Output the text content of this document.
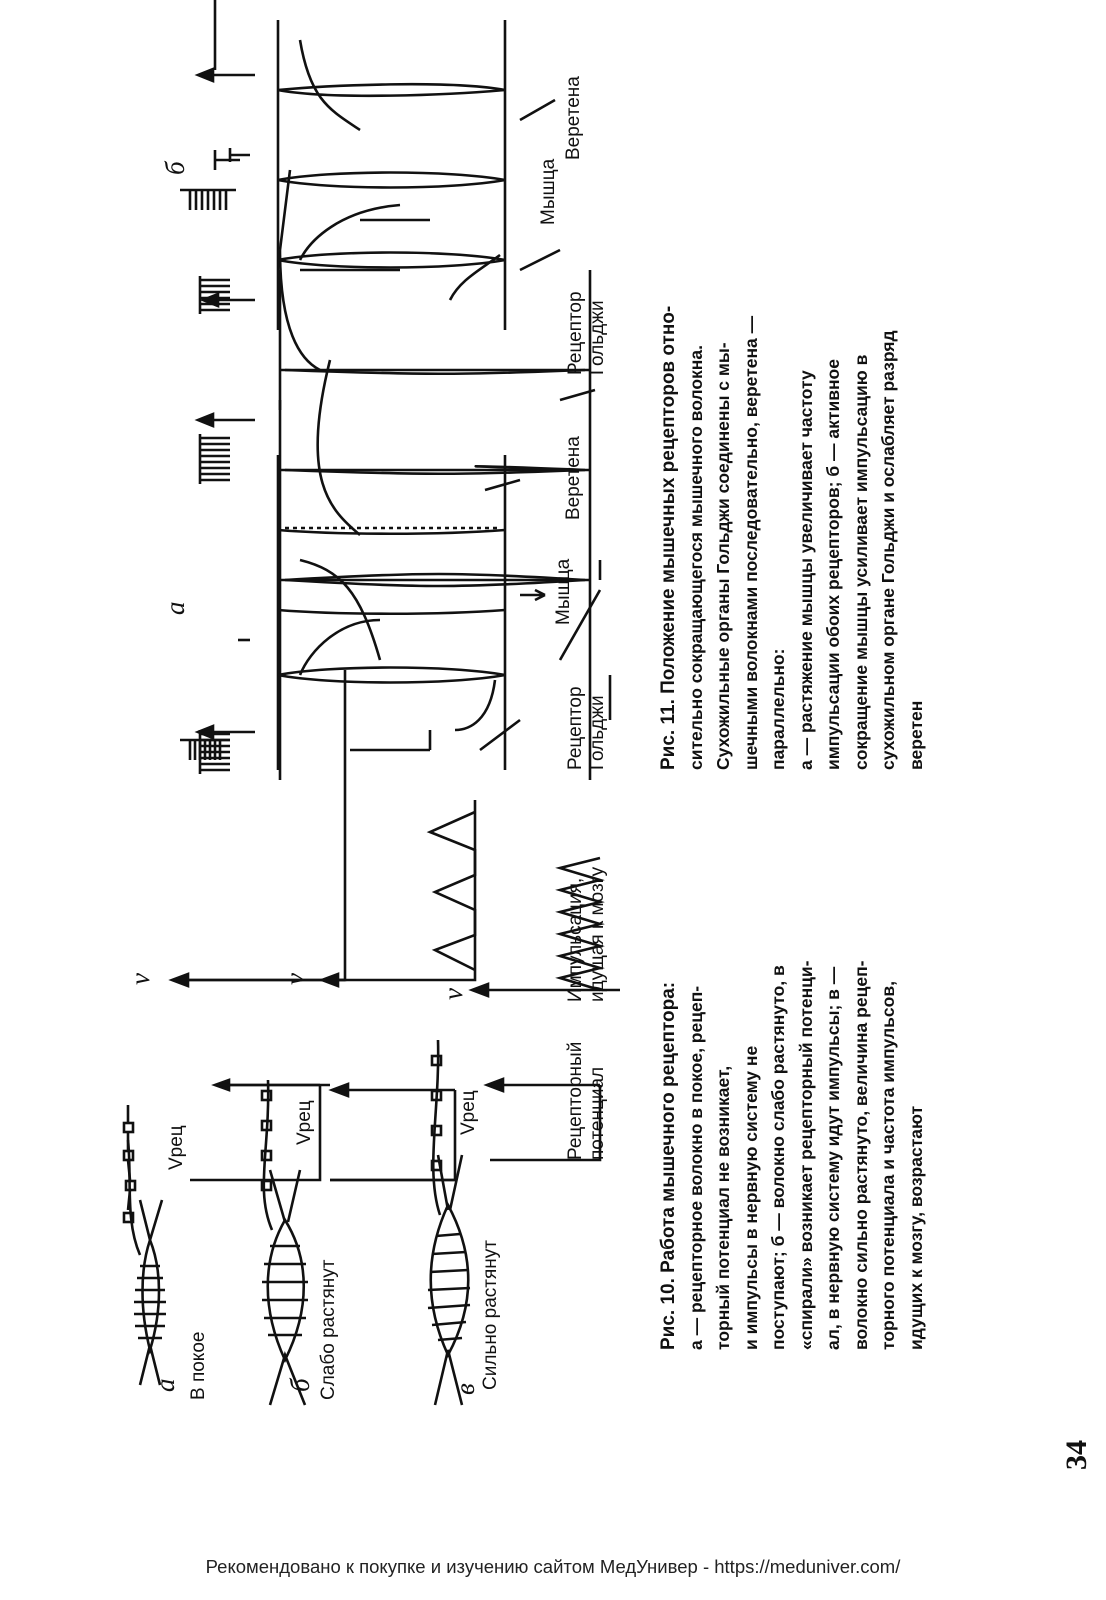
а В покое
Vрец
ν
б Слабо растянут
Vрец
ν
в Сильно растянут
Vрец
ν
Рецепторный потенциал
Импульсация, идущая к мозгу
Рис. 10. Работа мышечного рецептора: а — рецепторное волокно в покое, рецеп- торный потенциал не возникает, и импульсы в нервную систему не поступают; б — волокно слабо растянуто, в «спирали» возникает рецепторный потенци- ал, в нервную систему идут импульсы; в — волокно сильно растянуто, величина рецеп- торного потенциала и частота импульсов, идущих к мозгу, возрастают
а
Рецептор Гольджи
Мышца
Веретена
б
Рецептор Гольджи
Мышца
Веретена
Рис. 11. Положение мышечных рецепторов отно- сительно сокращающегося мышечного волокна. Сухожильные органы Гольджи соединены с мы- шечными волокнами последовательно, веретена — параллельно: а — растяжение мышцы увеличивает частоту импульсации обоих рецепторов; б — активное сокращение мышцы усиливает импульсацию в сухожильном органе Гольджи и ослабляет разряд веретен
34
Рекомендовано к покупке и изучению сайтом МедУнивер - https://meduniver.com/
